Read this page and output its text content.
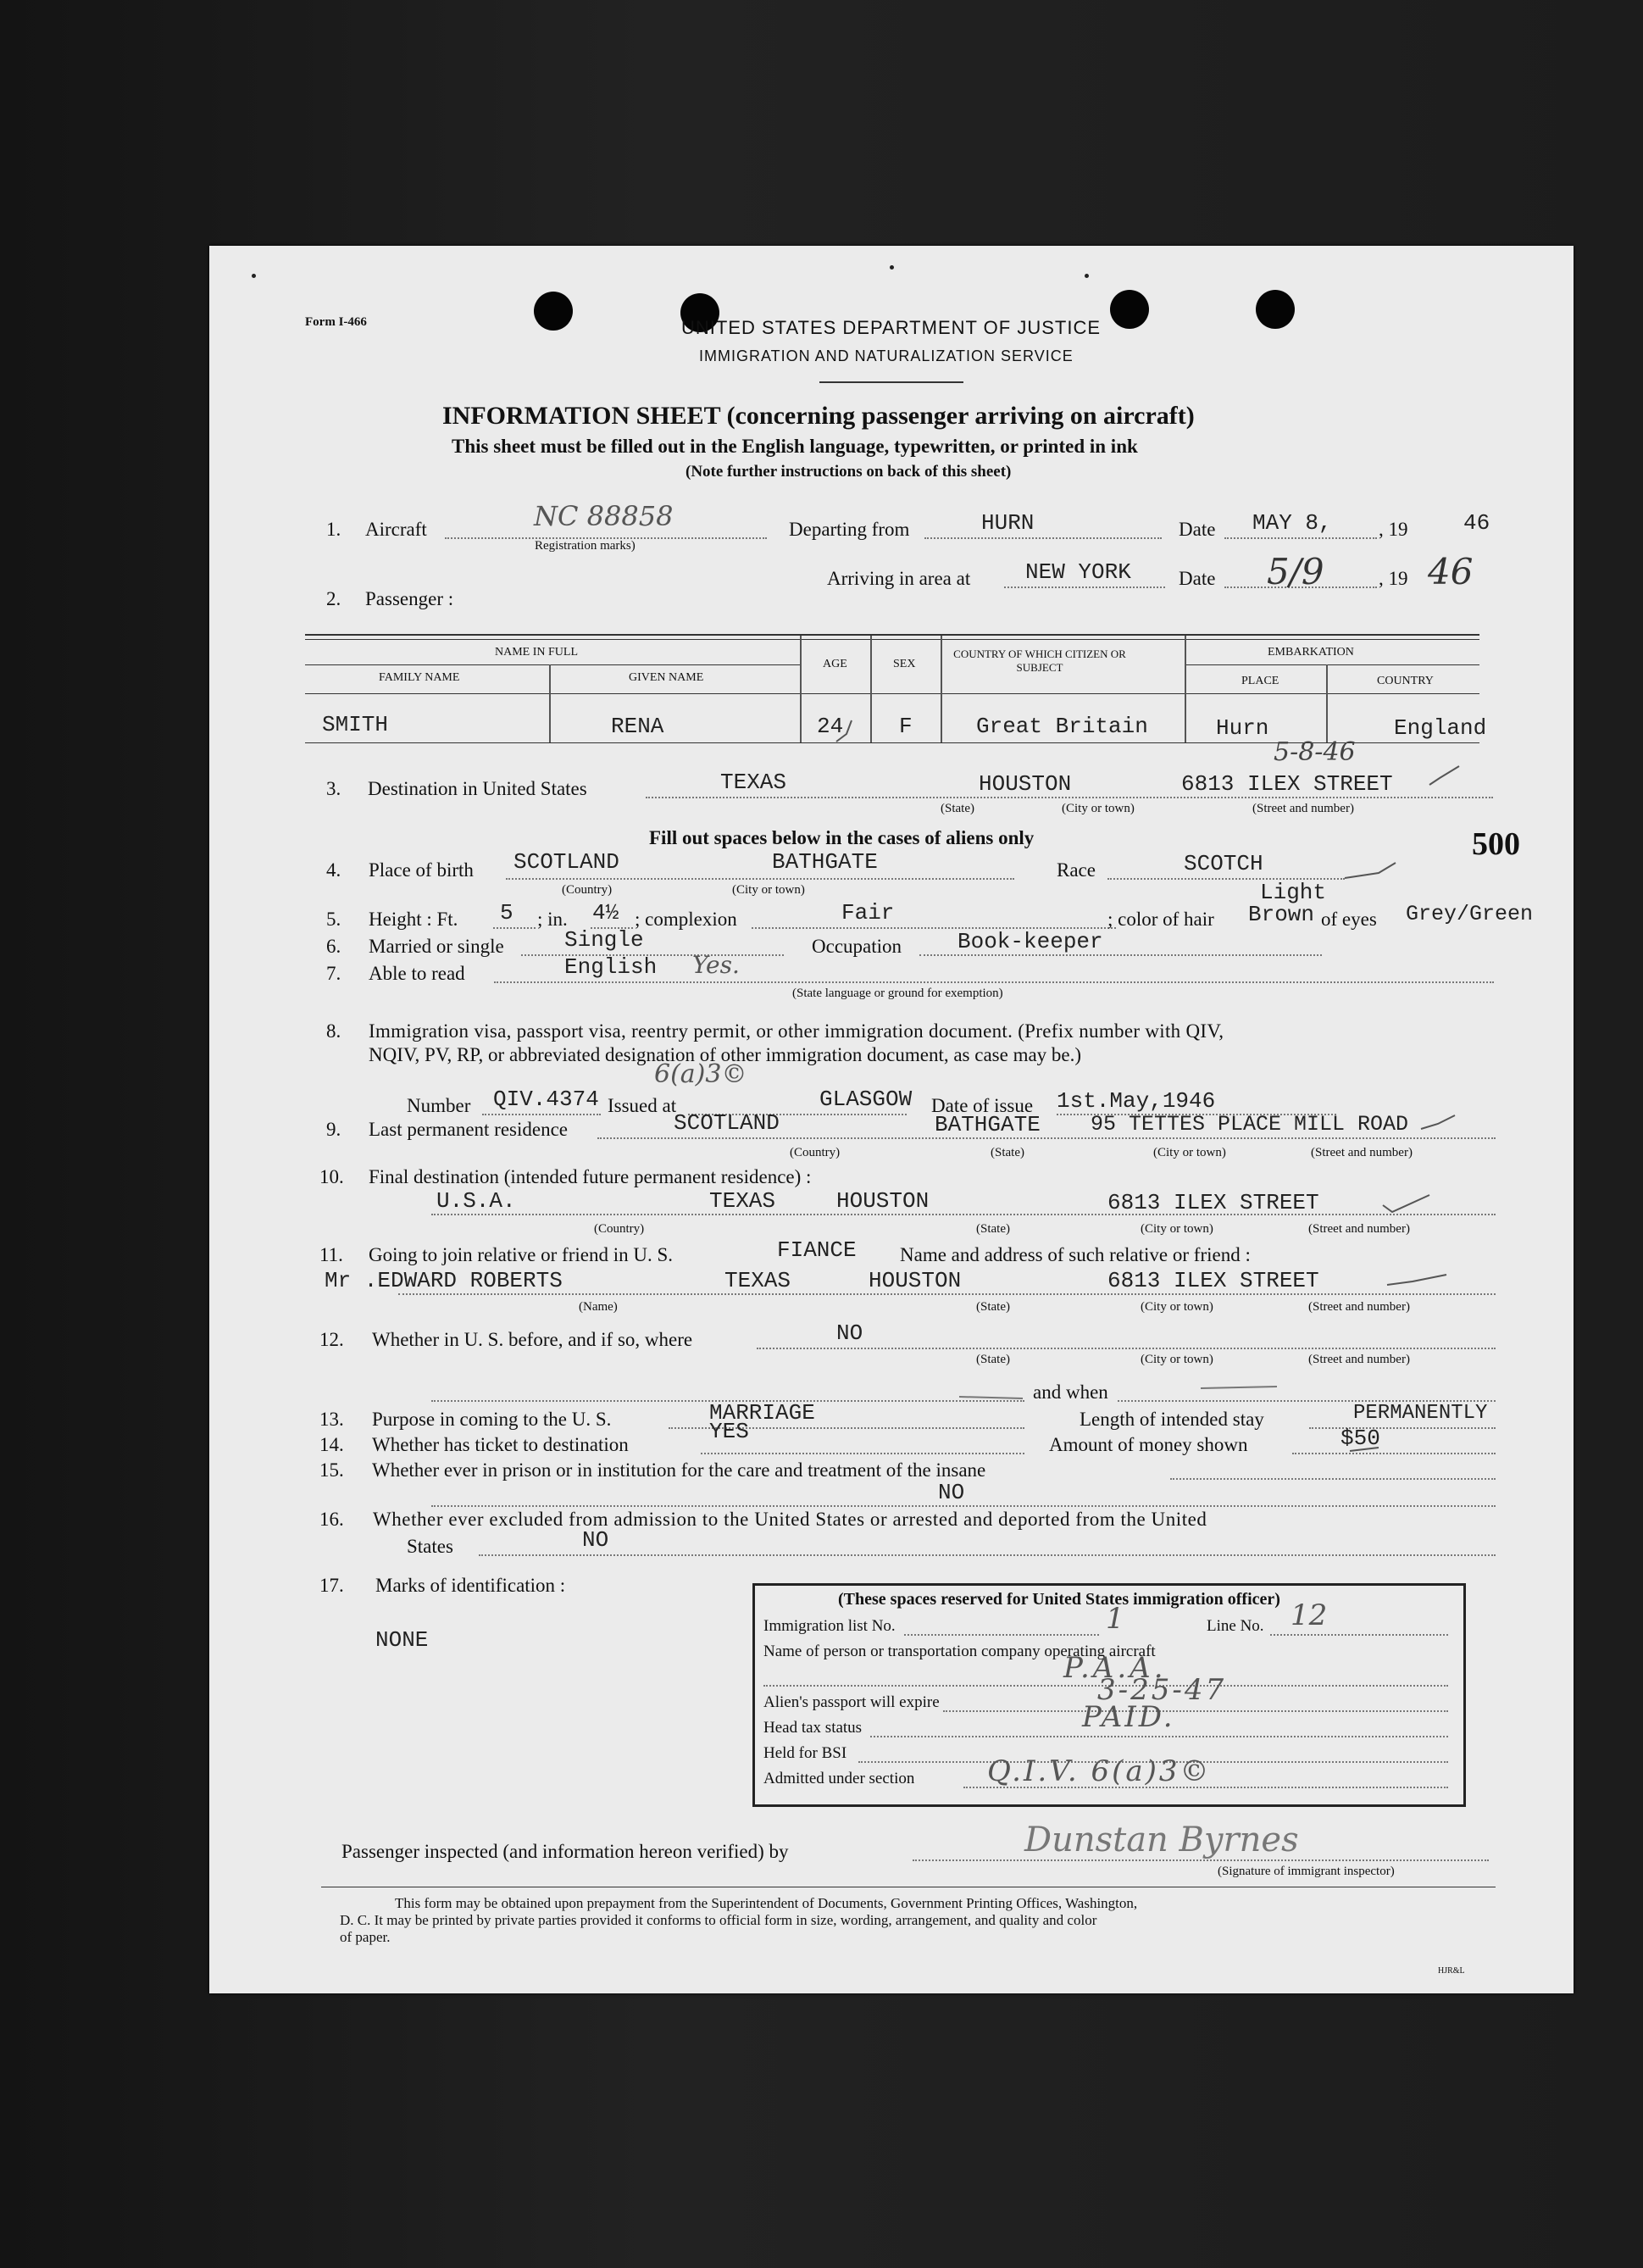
Form I-466	UNITED STATES DEPARTMENT OF JUSTICE
IMMIGRATION AND NATURALIZATION SERVICE
INFORMATION SHEET (concerning passenger arriving on aircraft)
This sheet must be filled out in the English language, typewritten, or printed in ink
(Note further instructions on back of this sheet)
1. Aircraft	NC 88858
Registration marks)
Departing from	HURN	Date MAY 8, , 19	46
Arriving in area at NEW YORK Date 5/9	, 19 46
2. Passenger :
NAME IN FULL
FAMILY NAME	GIVEN NAME
AGE	SEX
COUNTRY OF WHICH CITIZEN OR SUBJECT
EMBARKATION
PLACE	COUNTRY
SMITH	RENA	24	F	Great Britain	Hurn	England
5-8-46
3. Destination in United States	TEXAS	HOUSTON	6813 ILEX STREET
(State)	(City or town)	(Street and number)
Fill out spaces below in the cases of aliens only	500
4. Place of birth SCOTLAND	BATHGATE
(Country)	(City or town)
Race	SCOTCH
5. Height : Ft. 5 ; in. 4½ ; complexion	Fair	; color of hair
Light
Brown of eyes Grey/Green
6. Married or single	Single	Occupation	Book-keeper
7. Able to read	English Yes.
(State language or ground for exemption)
8. Immigration visa, passport visa, reentry permit, or other immigration document. (Prefix number with QIV,
NQIV, PV, RP, or abbreviated designation of other immigration document, as case may be.)
6(a)3©
Number QIV.4374 Issued at	GLASGOW Date of issue 1st.May,1946
9. Last permanent residence	SCOTLAND	BATHGATE 95 TETTES PLACE MILL ROAD
(Country)	(State)	(City or town)	(Street and number)
10. Final destination (intended future permanent residence) :
U.S.A.	TEXAS	HOUSTON	6813 ILEX STREET
(Country)	(State)	(City or town)	(Street and number)
11. Going to join relative or friend in U. S.	FIANCE Name and address of such relative or friend :
Mr .EDWARD ROBERTS	TEXAS	HOUSTON	6813 ILEX STREET
(Name)	(State)	(City or town)	(Street and number)
12. Whether in U. S. before, and if so, where	NO
(State)	(City or town)	(Street and number)
and when
13. Purpose in coming to the U. S.	MARRIAGE	Length of intended stay	PERMANENTLY
14. Whether has ticket to destination
YES
Amount of money shown	$50
15. Whether ever in prison or in institution for the care and treatment of the insane
NO
16. Whether ever excluded from admission to the United States or arrested and deported from the United
States	NO
17. Marks of identification :
NONE
(These spaces reserved for United States immigration officer)
Immigration list No.	1	Line No. 12
Name of person or transportation company operating aircraft
P.A.A.
Alien's passport will expire	3-25-47
Head tax status	PAID.
Held for BSI
Admitted under section	Q.I.V. 6(a)3©
Passenger inspected (and information hereon verified) by	Dunstan Byrnes
(Signature of immigrant inspector)
This form may be obtained upon prepayment from the Superintendent of Documents, Government Printing Offices, Washington,
D. C. It may be printed by private parties provided it conforms to official form in size, wording, arrangement, and quality and color
of paper.
HJR&L
